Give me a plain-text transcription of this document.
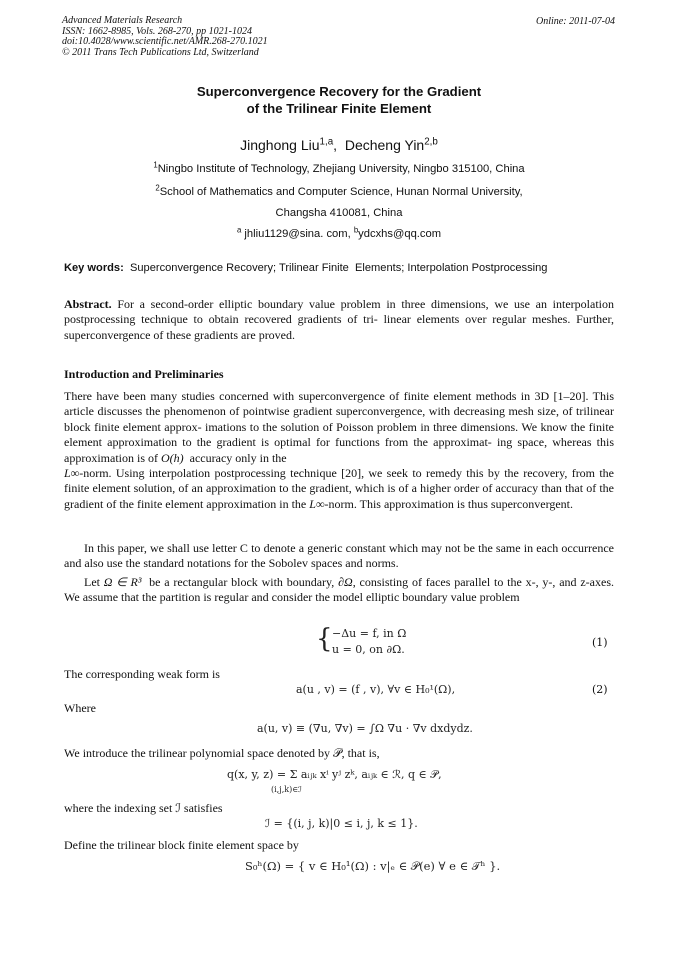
Advanced Materials Research
ISSN: 1662-8985, Vols. 268-270, pp 1021-1024
doi:10.4028/www.scientific.net/AMR.268-270.1021
© 2011 Trans Tech Publications Ltd, Switzerland
Online: 2011-07-04
Superconvergence Recovery for the Gradient
of the Trilinear Finite Element
Jinghong Liu$^{1,a}$,  Decheng Yin$^{2,b}$
$^1$Ningbo Institute of Technology, Zhejiang University, Ningbo 315100, China
$^2$School of Mathematics and Computer Science, Hunan Normal University,
Changsha 410081, China
$^a$ jhliu1129@sina. com, $^b$ydcxhs@qq.com
Key words:  Superconvergence Recovery; Trilinear Finite  Elements; Interpolation Postprocessing
Abstract. For a second-order elliptic boundary value problem in three dimensions, we use an interpolation postprocessing technique to obtain recovered gradients of tri- linear elements over regular meshes. Further, superconvergence of these gradients are proved.
Introduction and Preliminaries
There have been many studies concerned with superconvergence of finite element methods in 3D [1–20]. This article discusses the phenomenon of pointwise gradient superconvergence, with decreasing mesh size, of trilinear block finite element approx- imations to the solution of Poisson problem in three dimensions. We know the finite element approximation to the gradient is optimal for functions from the approximat- ing space, whereas this approximation is of O(h)  accuracy only in the
L∞-norm. Using interpolation postprocessing technique [20], we seek to remedy this by the recovery, from the finite element solution, of an approximation to the gradient, which is of a higher order of accuracy than that of the gradient of the finite element approximation in the L∞-norm. This approximation is thus superconvergent.
In this paper, we shall use letter C to denote a generic constant which may not be the same in each occurrence and also use the standard notations for the Sobolev spaces and norms.
Let Ω ∈ R³  be a rectangular block with boundary, ∂Ω, consisting of faces parallel to the x-, y-, and z-axes. We assume that the partition is regular and consider the model elliptic boundary value problem
{ −Δu = f, in Ω
u = 0, on ∂Ω.
(1)
The corresponding weak form is
a(u , v) = (f , v), ∀v ∈ H₀¹(Ω),	(2)
Where
a(u, v) ≡ (∇u, ∇v) = ∫Ω ∇u · ∇v dxdydz.
We introduce the trilinear polynomial space denoted by 𝒫, that is,
q(x, y, z) = Σ aᵢⱼₖ xⁱ yʲ zᵏ, aᵢⱼₖ ∈ ℛ, q ∈ 𝒫,
(i,j,k)∈ℐ
where the indexing set ℐ satisfies
ℐ = {(i, j, k)|0 ≤ i, j, k ≤ 1}.
Define the trilinear block finite element space by
S₀ʰ(Ω) = { v ∈ H₀¹(Ω) : v|ₑ ∈ 𝒫(e) ∀ e ∈ 𝒯ʰ }.
